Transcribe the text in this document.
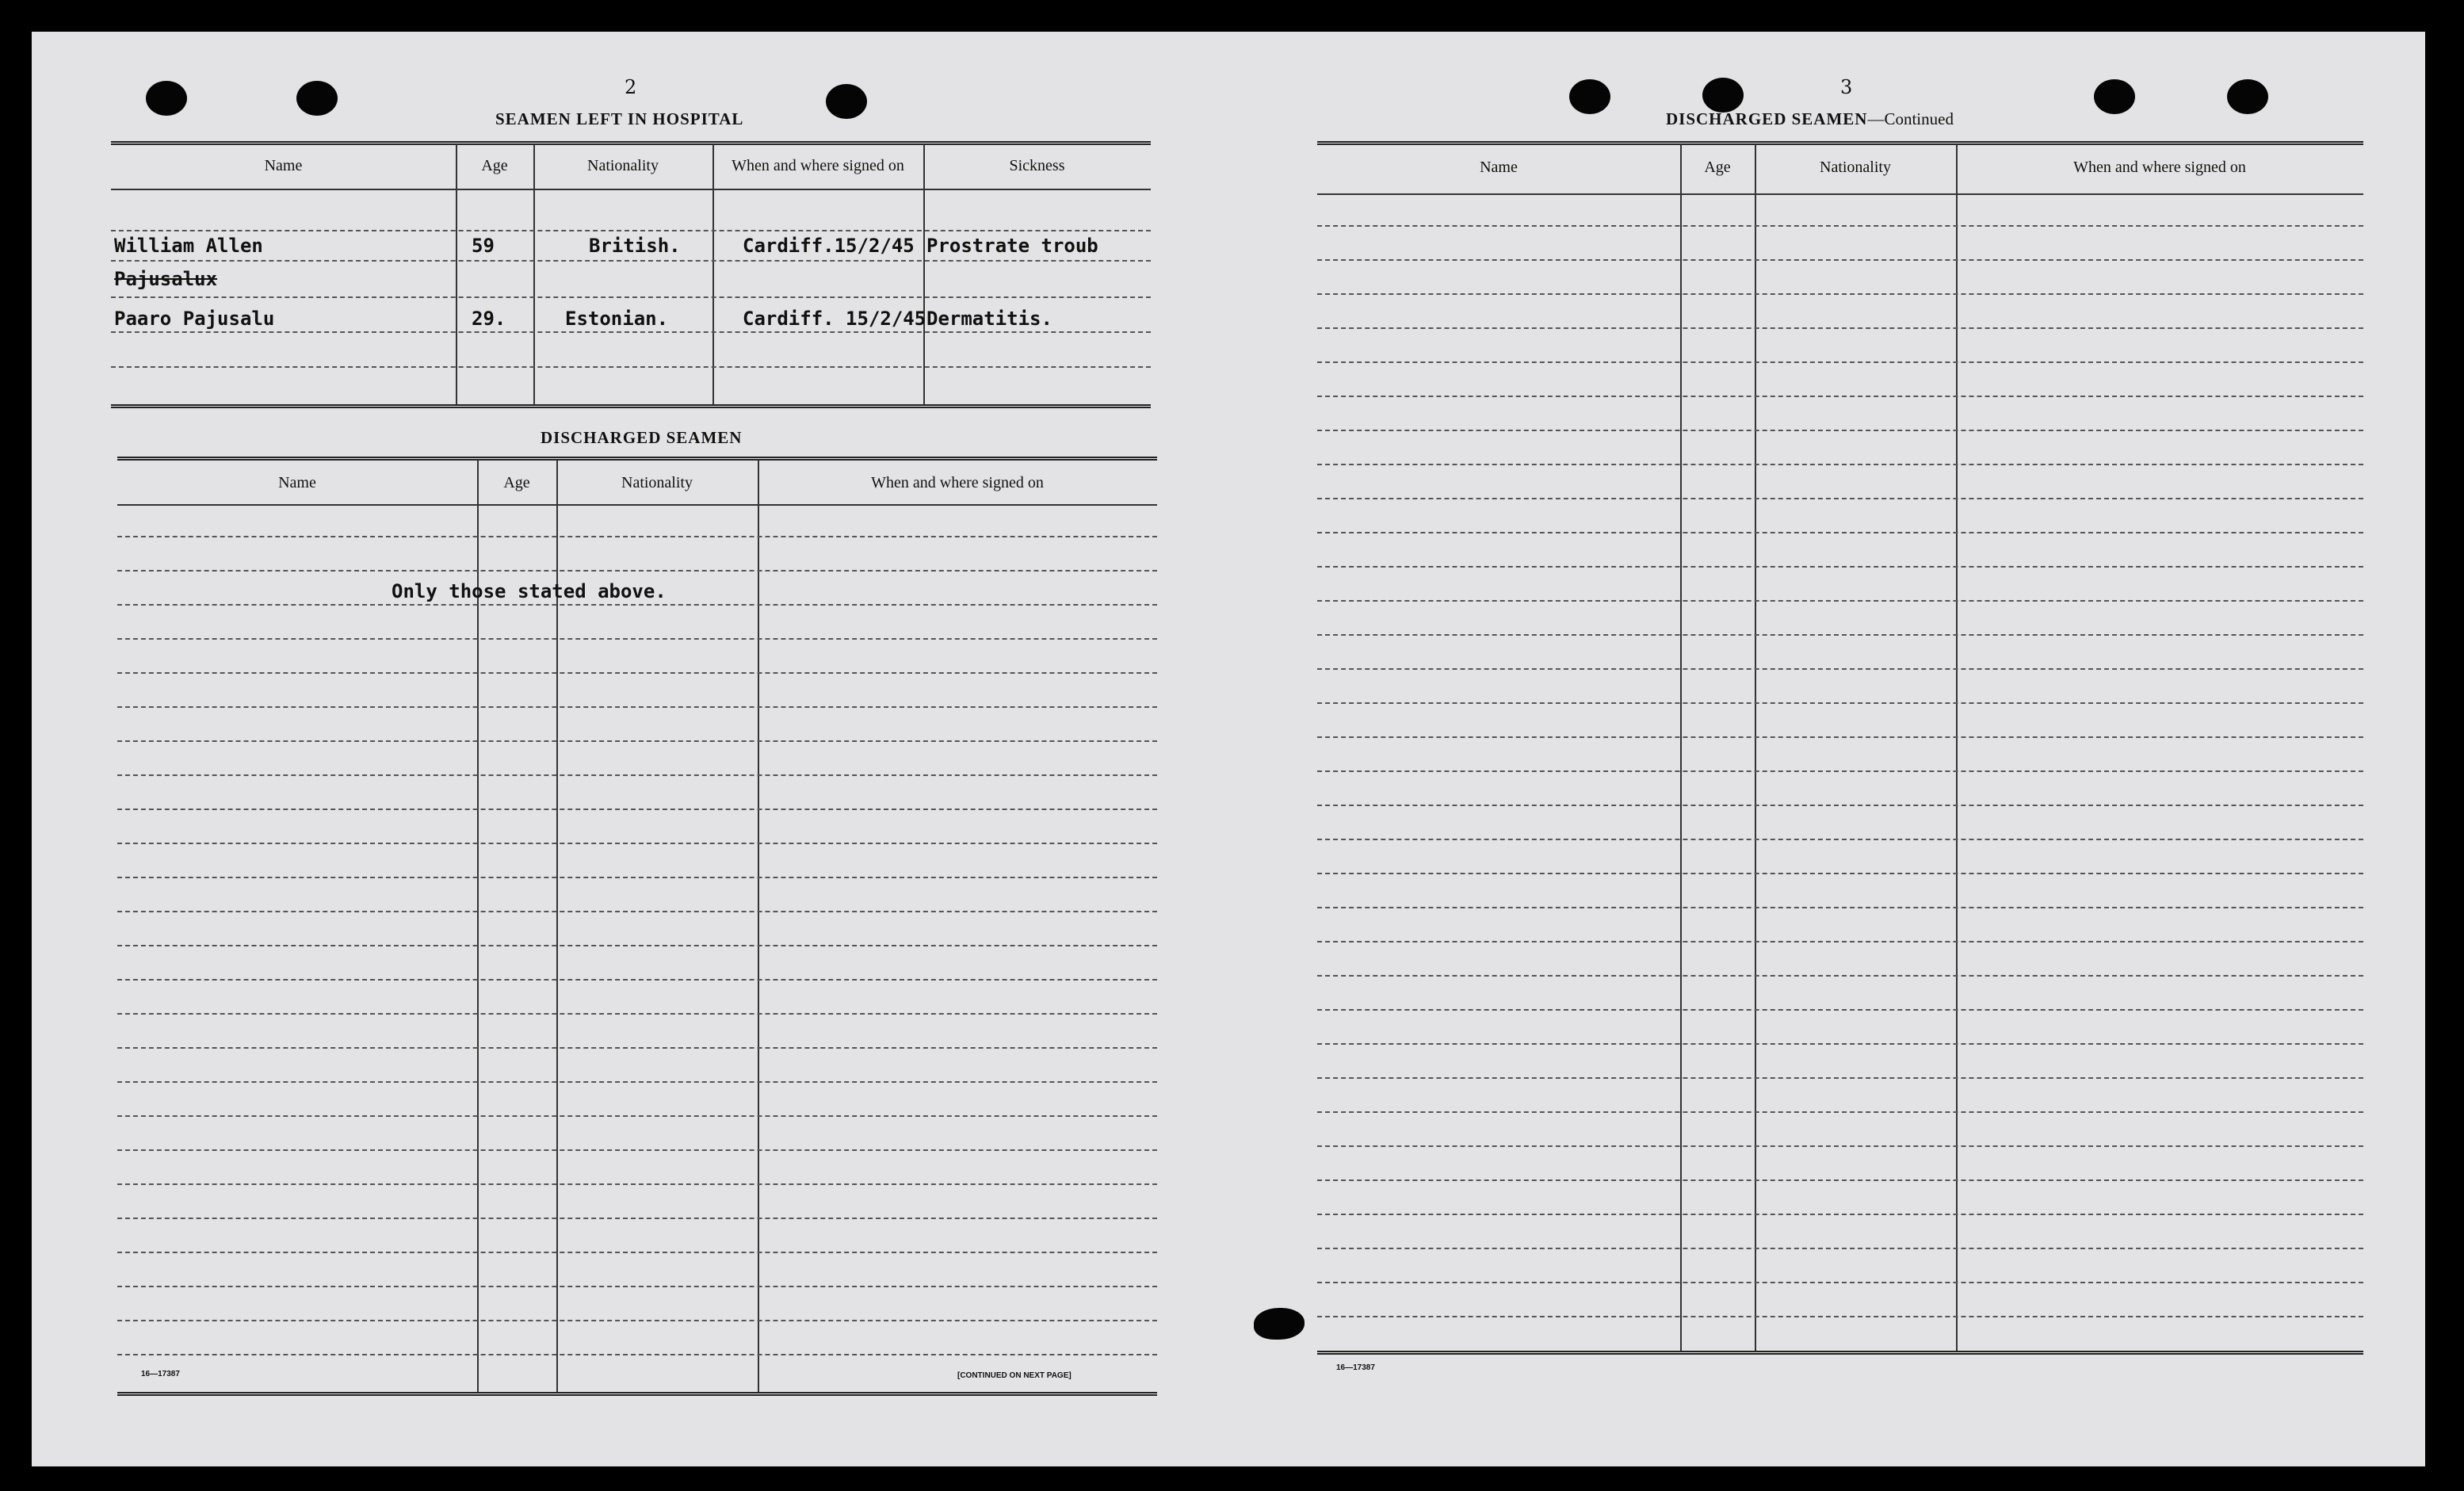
2
SEAMEN LEFT IN HOSPITAL
Name	Age	Nationality	When and where signed on	Sickness
William Allen	59	British.	Cardiff.15/2/45 Prostrate troub
Pajusalux
Paaro Pajusalu	29.	Estonian.	Cardiff. 15/2/45 Dermatitis.
DISCHARGED SEAMEN
Name	Age	Nationality	When and where signed on
Only those stated above.
16—17387	[CONTINUED ON NEXT PAGE]
3
DISCHARGED SEAMEN—Continued
Name	Age	Nationality	When and where signed on
16—17387
